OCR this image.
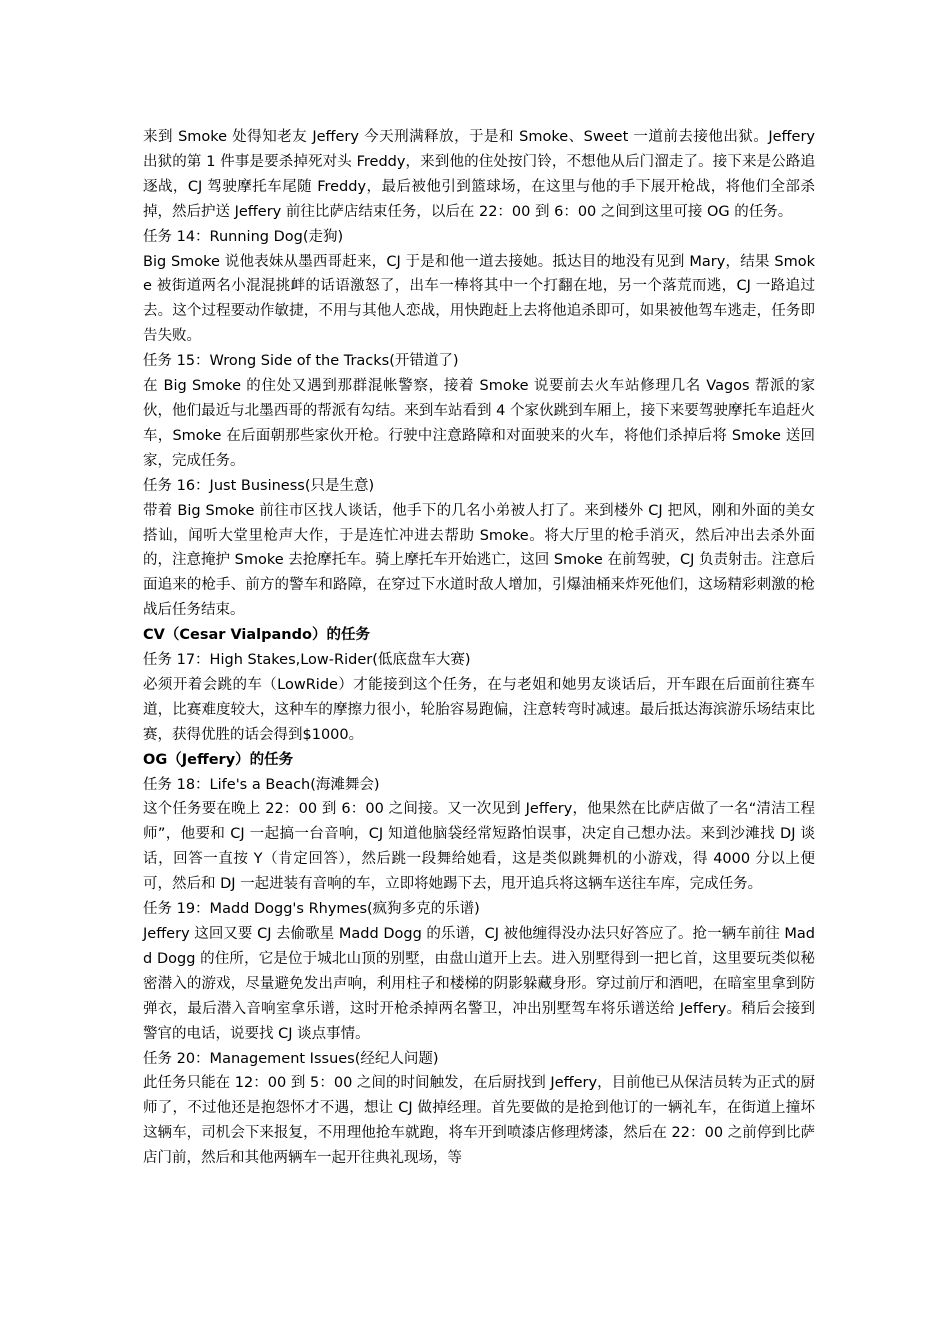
来到 Smoke 处得知老友 Jeffery 今天刑满释放，于是和 Smoke、Sweet 一道前去接他出狱。Jeffery 出狱的第 1 件事是要杀掉死对头 Freddy，来到他的住处按门铃，不想他从后门溜走了。接下来是公路追逐战，CJ 驾驶摩托车尾随 Freddy，最后被他引到篮球场，在这里与他的手下展开枪战，将他们全部杀掉，然后护送 Jeffery 前往比萨店结束任务，以后在 22：00 到 6：00 之间到这里可接 OG 的任务。

任务 14：Running Dog(走狗)

Big Smoke 说他表妹从墨西哥赶来，CJ 于是和他一道去接她。抵达目的地没有见到 Mary，结果 Smoke 被街道两名小混混挑衅的话语激怒了，出车一棒将其中一个打翻在地，另一个落荒而逃，CJ 一路追过去。这个过程要动作敏捷，不用与其他人恋战，用快跑赶上去将他追杀即可，如果被他驾车逃走，任务即告失败。

任务 15：Wrong Side of the Tracks(开错道了)

在 Big Smoke 的住处又遇到那群混帐警察，接着 Smoke 说要前去火车站修理几名 Vagos 帮派的家伙，他们最近与北墨西哥的帮派有勾结。来到车站看到 4 个家伙跳到车厢上，接下来要驾驶摩托车追赶火车，Smoke 在后面朝那些家伙开枪。行驶中注意路障和对面驶来的火车，将他们杀掉后将 Smoke 送回家，完成任务。

任务 16：Just Business(只是生意)

带着 Big Smoke 前往市区找人谈话，他手下的几名小弟被人打了。来到楼外 CJ 把风，刚和外面的美女搭讪，闻听大堂里枪声大作，于是连忙冲进去帮助 Smoke。将大厅里的枪手消灭，然后冲出去杀外面的，注意掩护 Smoke 去抢摩托车。骑上摩托车开始逃亡，这回 Smoke 在前驾驶，CJ 负责射击。注意后面追来的枪手、前方的警车和路障，在穿过下水道时敌人增加，引爆油桶来炸死他们，这场精彩刺激的枪战后任务结束。

CV（Cesar Vialpando）的任务

任务 17：High Stakes,Low-Rider(低底盘车大赛)

必须开着会跳的车（LowRide）才能接到这个任务，在与老姐和她男友谈话后，开车跟在后面前往赛车道，比赛难度较大，这种车的摩擦力很小，轮胎容易跑偏，注意转弯时减速。最后抵达海滨游乐场结束比赛，获得优胜的话会得到$1000。

OG（Jeffery）的任务

任务 18：Life's a Beach(海滩舞会)

这个任务要在晚上 22：00 到 6：00 之间接。又一次见到 Jeffery，他果然在比萨店做了一名“清洁工程师”，他要和 CJ 一起搞一台音响，CJ 知道他脑袋经常短路怕误事，决定自己想办法。来到沙滩找 DJ 谈话，回答一直按 Y（肯定回答），然后跳一段舞给她看，这是类似跳舞机的小游戏，得 4000 分以上便可，然后和 DJ 一起进装有音响的车，立即将她踢下去，甩开追兵将这辆车送往车库，完成任务。

任务 19：Madd Dogg's Rhymes(疯狗多克的乐谱)

Jeffery 这回又要 CJ 去偷歌星 Madd Dogg 的乐谱，CJ 被他缠得没办法只好答应了。抢一辆车前往 Madd Dogg 的住所，它是位于城北山顶的别墅，由盘山道开上去。进入别墅得到一把匕首，这里要玩类似秘密潜入的游戏，尽量避免发出声响，利用柱子和楼梯的阴影躲藏身形。穿过前厅和酒吧，在暗室里拿到防弹衣，最后潜入音响室拿乐谱，这时开枪杀掉两名警卫，冲出别墅驾车将乐谱送给 Jeffery。稍后会接到警官的电话，说要找 CJ 谈点事情。

任务 20：Management Issues(经纪人问题)

此任务只能在 12：00 到 5：00 之间的时间触发，在后厨找到 Jeffery，目前他已从保洁员转为正式的厨师了，不过他还是抱怨怀才不遇，想让 CJ 做掉经理。首先要做的是抢到他订的一辆礼车，在街道上撞坏这辆车，司机会下来报复，不用理他抢车就跑，将车开到喷漆店修理烤漆，然后在 22：00 之前停到比萨店门前，然后和其他两辆车一起开往典礼现场，等
